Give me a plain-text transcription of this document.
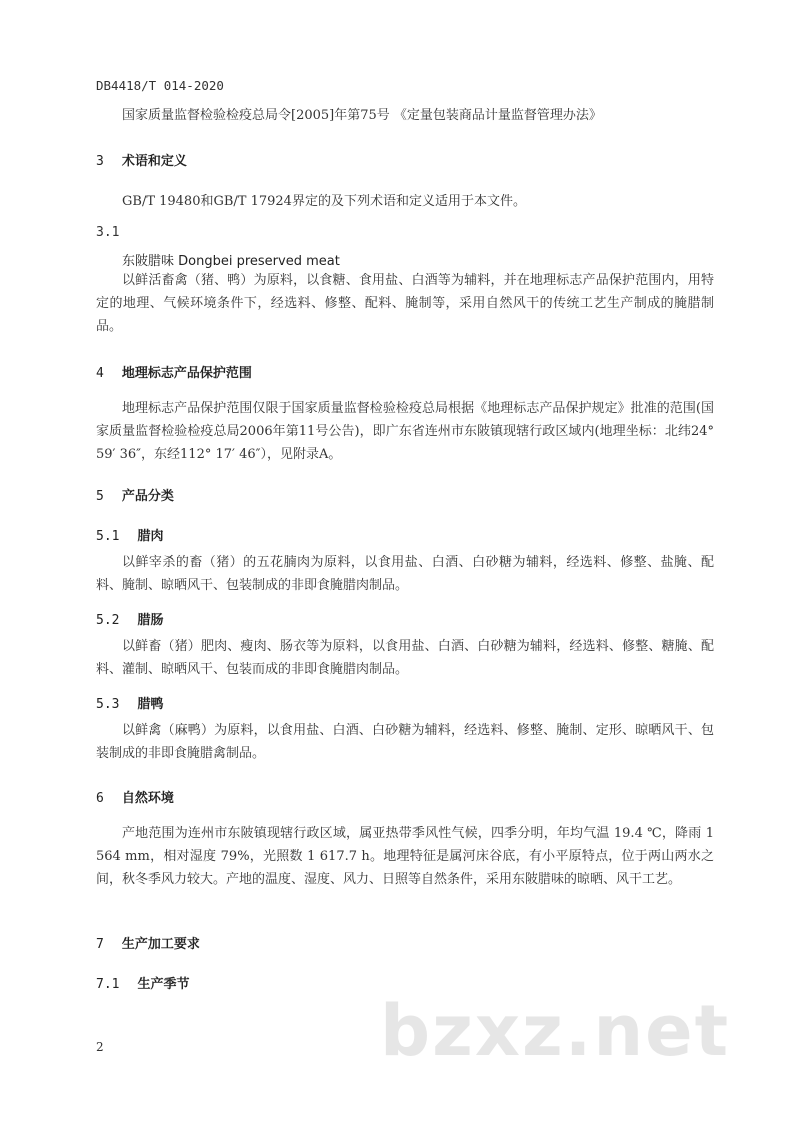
DB4418/T 014-2020
国家质量监督检验检疫总局令[2005]年第75号 《定量包装商品计量监督管理办法》
3 术语和定义
GB/T 19480和GB/T 17924界定的及下列术语和定义适用于本文件。
3.1
东陂腊味 Dongbei preserved meat

以鲜活畜禽（猪、鸭）为原料，以食糖、食用盐、白酒等为辅料，并在地理标志产品保护范围内，用特定的地理、气候环境条件下，经选料、修整、配料、腌制等，采用自然风干的传统工艺生产制成的腌腊制品。

4 地理标志产品保护范围

地理标志产品保护范围仅限于国家质量监督检验检疫总局根据《地理标志产品保护规定》批准的范围(国家质量监督检验检疫总局2006年第11号公告)，即广东省连州市东陂镇现辖行政区域内(地理坐标：北纬24° 59′ 36″，东经112° 17′ 46″），见附录A。

5 产品分类
5.1 腊肉

以鲜宰杀的畜（猪）的五花腩肉为原料，以食用盐、白酒、白砂糖为辅料，经选料、修整、盐腌、配料、腌制、晾晒风干、包装制成的非即食腌腊肉制品。

5.2 腊肠

以鲜畜（猪）肥肉、瘦肉、肠衣等为原料，以食用盐、白酒、白砂糖为辅料，经选料、修整、糖腌、配料、灌制、晾晒风干、包装而成的非即食腌腊肉制品。

5.3 腊鸭

以鲜禽（麻鸭）为原料，以食用盐、白酒、白砂糖为辅料，经选料、修整、腌制、定形、晾晒风干、包装制成的非即食腌腊禽制品。

6 自然环境

产地范围为连州市东陂镇现辖行政区域，属亚热带季风性气候，四季分明，年均气温 19.4 ℃，降雨 1 564 mm，相对湿度 79%，光照数 1 617.7 h。地理特征是属河床谷底，有小平原特点，位于两山两水之间，秋冬季风力较大。产地的温度、湿度、风力、日照等自然条件，采用东陂腊味的晾晒、风干工艺。

7 生产加工要求
7.1 生产季节
bzxz.net
2
